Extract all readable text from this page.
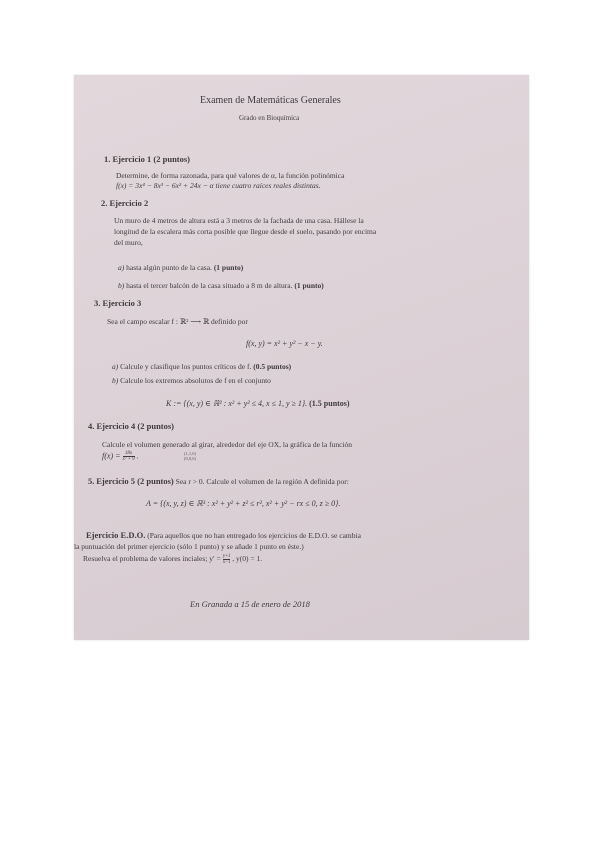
Examen de Matemáticas Generales
Grado en Bioquímica
1. Ejercicio 1 (2 puntos)
Determine, de forma razonada, para qué valores de α, la función polinómica
f(x) = 3x⁴ − 8x³ − 6x² + 24x − α tiene cuatro raíces reales distintas.
2. Ejercicio 2
Un muro de 4 metros de altura está a 3 metros de la fachada de una casa. Hállese la
longitud de la escalera más corta posible que llegue desde el suelo, pasando por encima
del muro,
a) hasta algún punto de la casa. (1 punto)
b) hasta el tercer balcón de la casa situado a 8 m de altura. (1 punto)
3. Ejercicio 3
Sea el campo escalar f : ℝ² ⟶ ℝ definido por
f(x, y) = x² + y² − x − y.
a) Calcule y clasifique los puntos críticos de f. (0.5 puntos)
b) Calcule los extremos absolutos de f en el conjunto
K := {(x, y) ∈ ℝ² : x² + y² ≤ 4, x ≤ 1, y ≥ 1}. (1.5 puntos)
4. Ejercicio 4 (2 puntos)
Calcule el volumen generado al girar, alrededor del eje OX, la gráfica de la función
$f(x) = \frac{18x}{\text{x² + 9}}$ .	(1,1,6)
(0,0,6)
5. Ejercicio 5 (2 puntos) Sea r > 0. Calcule el volumen de la región A definida por:
A = {(x, y, z) ∈ ℝ³ : x² + y² + z² ≤ r², x² + y² − rx ≤ 0, z ≥ 0}.
Ejercicio E.D.O. (Para aquellos que no han entregado los ejercicios de E.D.O. se cambia
la puntuación del primer ejercicio (sólo 1 punto) y se añade 1 punto en éste.)
Resuelva el problema de valores inciales; $y' = \frac{y+1}{x-1}$ , y(0) = 1.
En Granada a 15 de enero de 2018
